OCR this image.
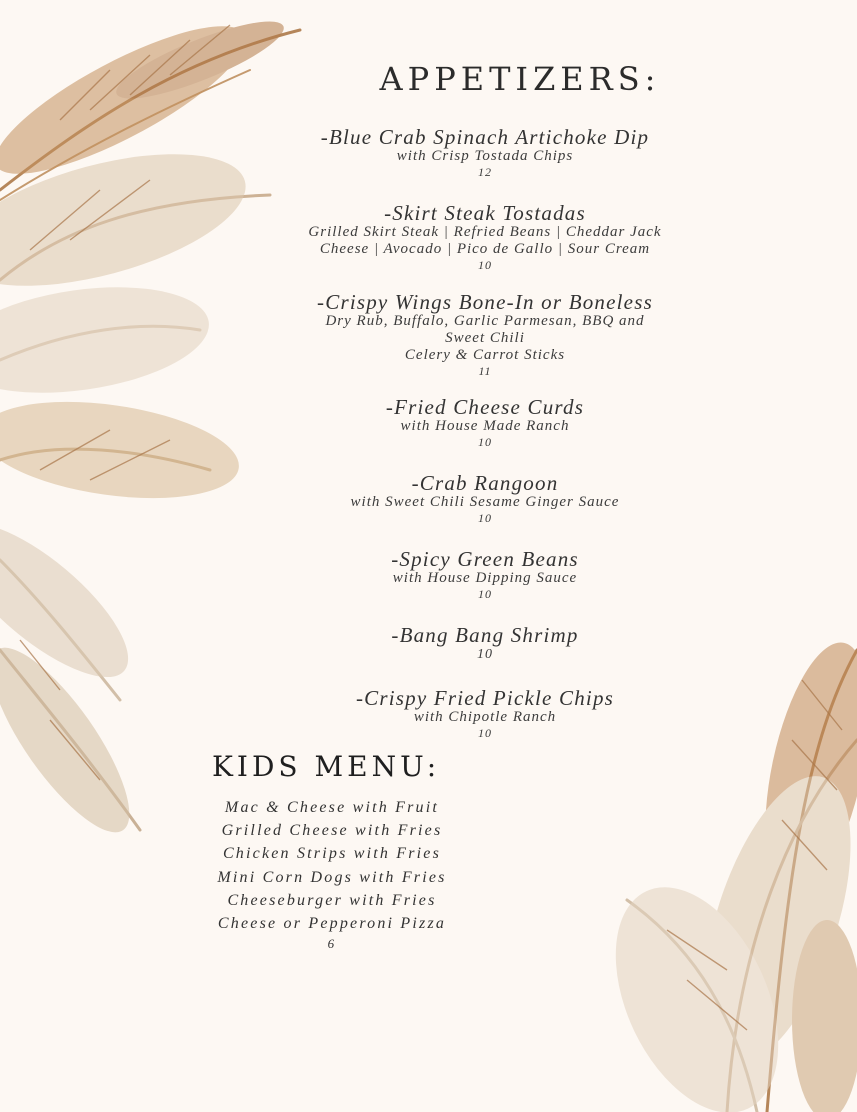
APPETIZERS:
-Blue Crab Spinach Artichoke Dip
with Crisp Tostada Chips
12
-Skirt Steak Tostadas
Grilled Skirt Steak | Refried Beans | Cheddar Jack
Cheese | Avocado | Pico de Gallo | Sour Cream
10
-Crispy Wings Bone-In or Boneless
Dry Rub, Buffalo, Garlic Parmesan, BBQ and
Sweet Chili
Celery & Carrot Sticks
11
-Fried Cheese Curds
with House Made Ranch
10
-Crab Rangoon
with Sweet Chili Sesame Ginger Sauce
10
-Spicy Green Beans
with House Dipping Sauce
10
-Bang Bang Shrimp
10
-Crispy Fried Pickle Chips
with Chipotle Ranch
10
KIDS MENU:
Mac & Cheese with Fruit
Grilled Cheese with Fries
Chicken Strips with Fries
Mini Corn Dogs with Fries
Cheeseburger with Fries
Cheese or Pepperoni Pizza
6
